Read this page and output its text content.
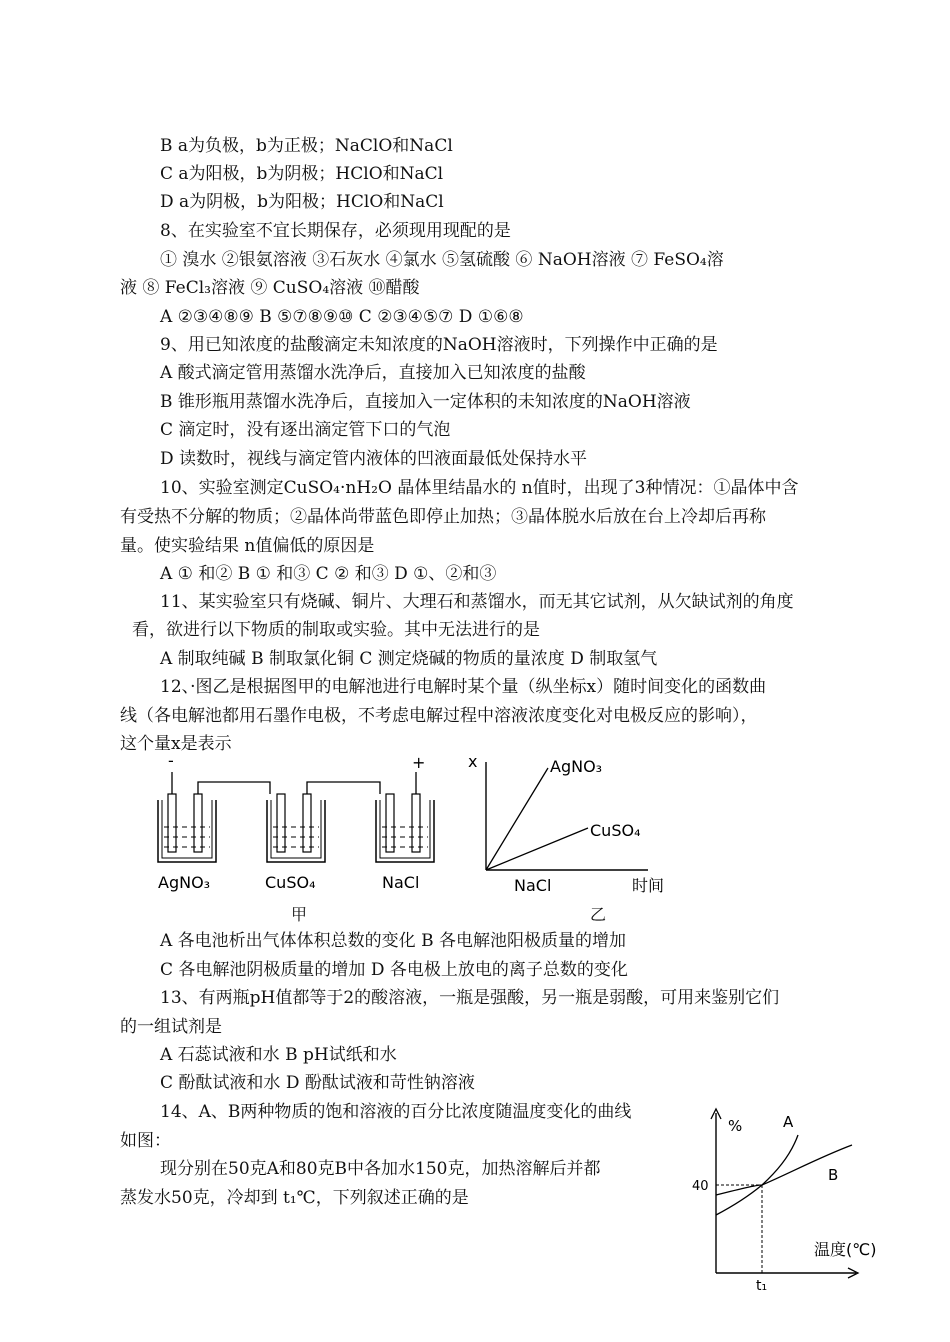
B a为负极，b为正极；NaClO和NaCl
C a为阳极，b为阴极；HClO和NaCl
D a为阴极，b为阳极；HClO和NaCl
8、在实验室不宜长期保存，必须现用现配的是
① 溴水 ②银氨溶液 ③石灰水 ④氯水 ⑤氢硫酸 ⑥ NaOH溶液 ⑦ FeSO₄溶
液 ⑧ FeCl₃溶液 ⑨ CuSO₄溶液 ⑩醋酸
A ②③④⑧⑨ B ⑤⑦⑧⑨⑩ C ②③④⑤⑦ D ①⑥⑧
9、用已知浓度的盐酸滴定未知浓度的NaOH溶液时，下列操作中正确的是
A 酸式滴定管用蒸馏水洗净后，直接加入已知浓度的盐酸
B 锥形瓶用蒸馏水洗净后，直接加入一定体积的未知浓度的NaOH溶液
C 滴定时，没有逐出滴定管下口的气泡
D 读数时，视线与滴定管内液体的凹液面最低处保持水平
10、实验室测定CuSO₄·nH₂O 晶体里结晶水的 n值时，出现了3种情况：①晶体中含
有受热不分解的物质；②晶体尚带蓝色即停止加热；③晶体脱水后放在台上冷却后再称
量。使实验结果 n值偏低的原因是
A ① 和② B ① 和③ C ② 和③ D ①、②和③
11、某实验室只有烧碱、铜片、大理石和蒸馏水，而无其它试剂，从欠缺试剂的角度
看，欲进行以下物质的制取或实验。其中无法进行的是
A 制取纯碱 B 制取氯化铜 C 测定烧碱的物质的量浓度 D 制取氢气
12、·图乙是根据图甲的电解池进行电解时某个量（纵坐标x）随时间变化的函数曲
线（各电解池都用石墨作电极，不考虑电解过程中溶液浓度变化对电极反应的影响），
这个量x是表示
-	+
AgNO₃	CuSO₄	NaCl
甲
x	AgNO₃
CuSO₄
NaCl	时间
乙
A 各电池析出气体体积总数的变化 B 各电解池阳极质量的增加
C 各电解池阴极质量的增加 D 各电极上放电的离子总数的变化
13、有两瓶pH值都等于2的酸溶液，一瓶是强酸，另一瓶是弱酸，可用来鉴别它们
的一组试剂是
A 石蕊试液和水 B pH试纸和水
C 酚酞试液和水 D 酚酞试液和苛性钠溶液
14、A、B两种物质的饱和溶液的百分比浓度随温度变化的曲线
如图：
现分别在50克A和80克B中各加水150克，加热溶解后并都
蒸发水50克，冷却到 t₁℃，下列叙述正确的是
%	A
B
40
t₁
温度(℃)
